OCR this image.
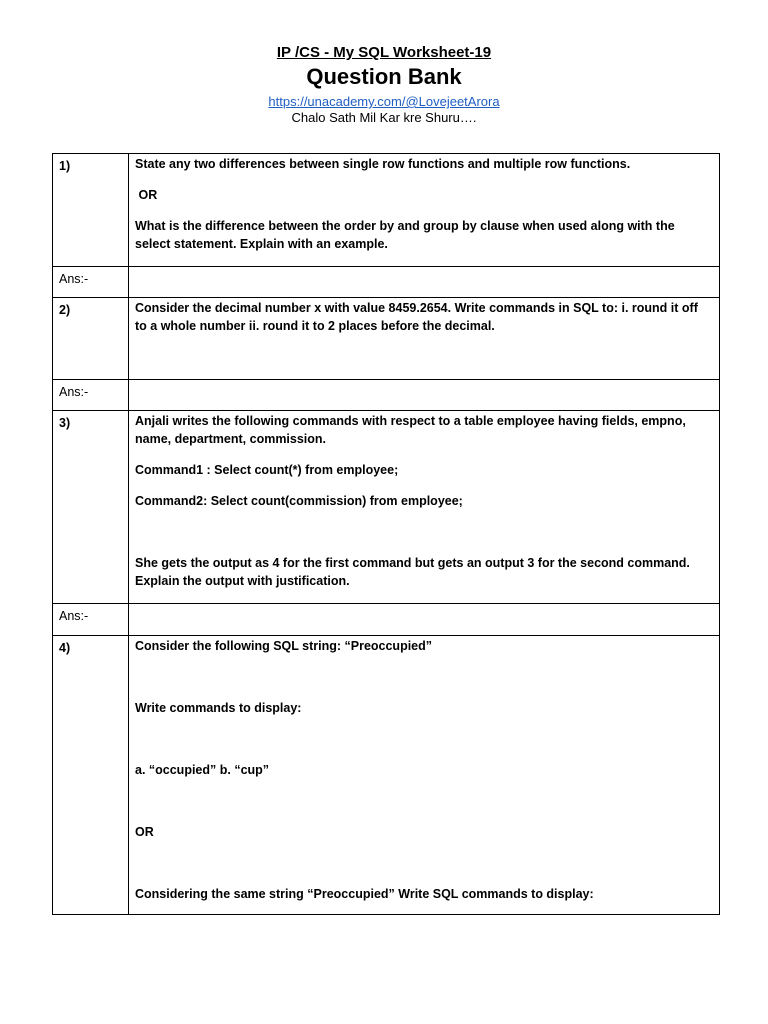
IP /CS - My SQL Worksheet-19
Question Bank
https://unacademy.com/@LovejeetArora
Chalo Sath Mil Kar kre Shuru….
1)	State any two differences between single row functions and multiple row functions.
OR
What is the difference between the order by and group by clause when used along with the select statement. Explain with an example.

Ans:-	
2)	Consider the decimal number x with value 8459.2654. Write commands in SQL to: i. round it off to a whole number ii. round it to 2 places before the decimal.

Ans:-	
3)	Anjali writes the following commands with respect to a table employee having fields, empno, name, department, commission.
Command1 : Select count(*) from employee;
Command2: Select count(commission) from employee;
She gets the output as 4 for the first command but gets an output 3 for the second command. Explain the output with justification.

Ans:-	
4)	Consider the following SQL string: “Preoccupied”
Write commands to display:
a. “occupied” b. “cup”
OR
Considering the same string “Preoccupied” Write SQL commands to display:
